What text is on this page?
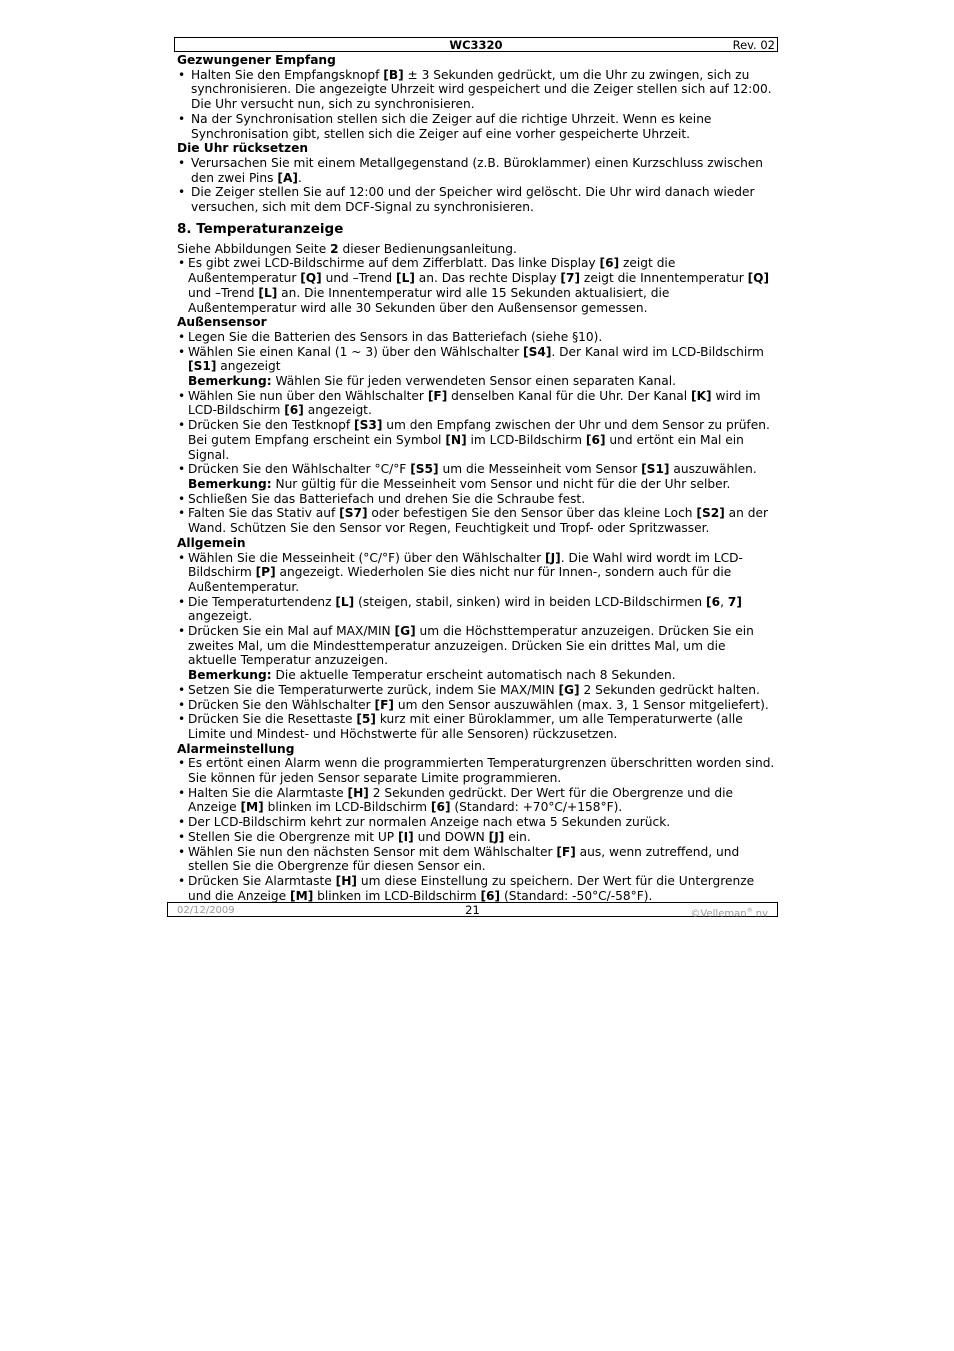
WC3320	Rev. 02
Gezwungener Empfang
• Halten Sie den Empfangsknopf [B] ± 3 Sekunden gedrückt, um die Uhr zu zwingen, sich zu synchronisieren. Die angezeigte Uhrzeit wird gespeichert und die Zeiger stellen sich auf 12:00. Die Uhr versucht nun, sich zu synchronisieren.
• Na der Synchronisation stellen sich die Zeiger auf die richtige Uhrzeit. Wenn es keine Synchronisation gibt, stellen sich die Zeiger auf eine vorher gespeicherte Uhrzeit.
Die Uhr rücksetzen
• Verursachen Sie mit einem Metallgegenstand (z.B. Büroklammer) einen Kurzschluss zwischen den zwei Pins [A].
• Die Zeiger stellen Sie auf 12:00 und der Speicher wird gelöscht. Die Uhr wird danach wieder versuchen, sich mit dem DCF-Signal zu synchronisieren.
8. Temperaturanzeige
Siehe Abbildungen Seite 2 dieser Bedienungsanleitung.
• Es gibt zwei LCD-Bildschirme auf dem Zifferblatt. Das linke Display [6] zeigt die Außentemperatur [Q] und –Trend [L] an. Das rechte Display [7] zeigt die Innentemperatur [Q] und –Trend [L] an. Die Innentemperatur wird alle 15 Sekunden aktualisiert, die Außentemperatur wird alle 30 Sekunden über den Außensensor gemessen.
Außensensor
• Legen Sie die Batterien des Sensors in das Batteriefach (siehe §10).
• Wählen Sie einen Kanal (1 ~ 3) über den Wählschalter [S4]. Der Kanal wird im LCD-Bildschirm [S1] angezeigt
Bemerkung: Wählen Sie für jeden verwendeten Sensor einen separaten Kanal.
• Wählen Sie nun über den Wählschalter [F] denselben Kanal für die Uhr. Der Kanal [K] wird im LCD-Bildschirm [6] angezeigt.
• Drücken Sie den Testknopf [S3] um den Empfang zwischen der Uhr und dem Sensor zu prüfen. Bei gutem Empfang erscheint ein Symbol [N] im LCD-Bildschirm [6] und ertönt ein Mal ein Signal.
• Drücken Sie den Wählschalter °C/°F [S5] um die Messeinheit vom Sensor [S1] auszuwählen.
Bemerkung: Nur gültig für die Messeinheit vom Sensor und nicht für die der Uhr selber.
• Schließen Sie das Batteriefach und drehen Sie die Schraube fest.
• Falten Sie das Stativ auf [S7] oder befestigen Sie den Sensor über das kleine Loch [S2] an der Wand. Schützen Sie den Sensor vor Regen, Feuchtigkeit und Tropf- oder Spritzwasser.
Allgemein
• Wählen Sie die Messeinheit (°C/°F) über den Wählschalter [J]. Die Wahl wird wordt im LCD-Bildschirm [P] angezeigt. Wiederholen Sie dies nicht nur für Innen-, sondern auch für die Außentemperatur.
• Die Temperaturtendenz [L] (steigen, stabil, sinken) wird in beiden LCD-Bildschirmen [6, 7] angezeigt.
• Drücken Sie ein Mal auf MAX/MIN [G] um die Höchsttemperatur anzuzeigen. Drücken Sie ein zweites Mal, um die Mindesttemperatur anzuzeigen. Drücken Sie ein drittes Mal, um die aktuelle Temperatur anzuzeigen.
Bemerkung: Die aktuelle Temperatur erscheint automatisch nach 8 Sekunden.
• Setzen Sie die Temperaturwerte zurück, indem Sie MAX/MIN [G] 2 Sekunden gedrückt halten.
• Drücken Sie den Wählschalter [F] um den Sensor auszuwählen (max. 3, 1 Sensor mitgeliefert).
• Drücken Sie die Resettaste [5] kurz mit einer Büroklammer, um alle Temperaturwerte (alle Limite und Mindest- und Höchstwerte für alle Sensoren) rückzusetzen.
Alarmeinstellung
• Es ertönt einen Alarm wenn die programmierten Temperaturgrenzen überschritten worden sind. Sie können für jeden Sensor separate Limite programmieren.
• Halten Sie die Alarmtaste [H] 2 Sekunden gedrückt. Der Wert für die Obergrenze und die Anzeige [M] blinken im LCD-Bildschirm [6] (Standard: +70°C/+158°F).
• Der LCD-Bildschirm kehrt zur normalen Anzeige nach etwa 5 Sekunden zurück.
• Stellen Sie die Obergrenze mit UP [I] und DOWN [J] ein.
• Wählen Sie nun den nächsten Sensor mit dem Wählschalter [F] aus, wenn zutreffend, und stellen Sie die Obergrenze für diesen Sensor ein.
• Drücken Sie Alarmtaste [H] um diese Einstellung zu speichern. Der Wert für die Untergrenze und die Anzeige [M] blinken im LCD-Bildschirm [6] (Standard: -50°C/-58°F).
02/12/2009	21	©Velleman® nv
